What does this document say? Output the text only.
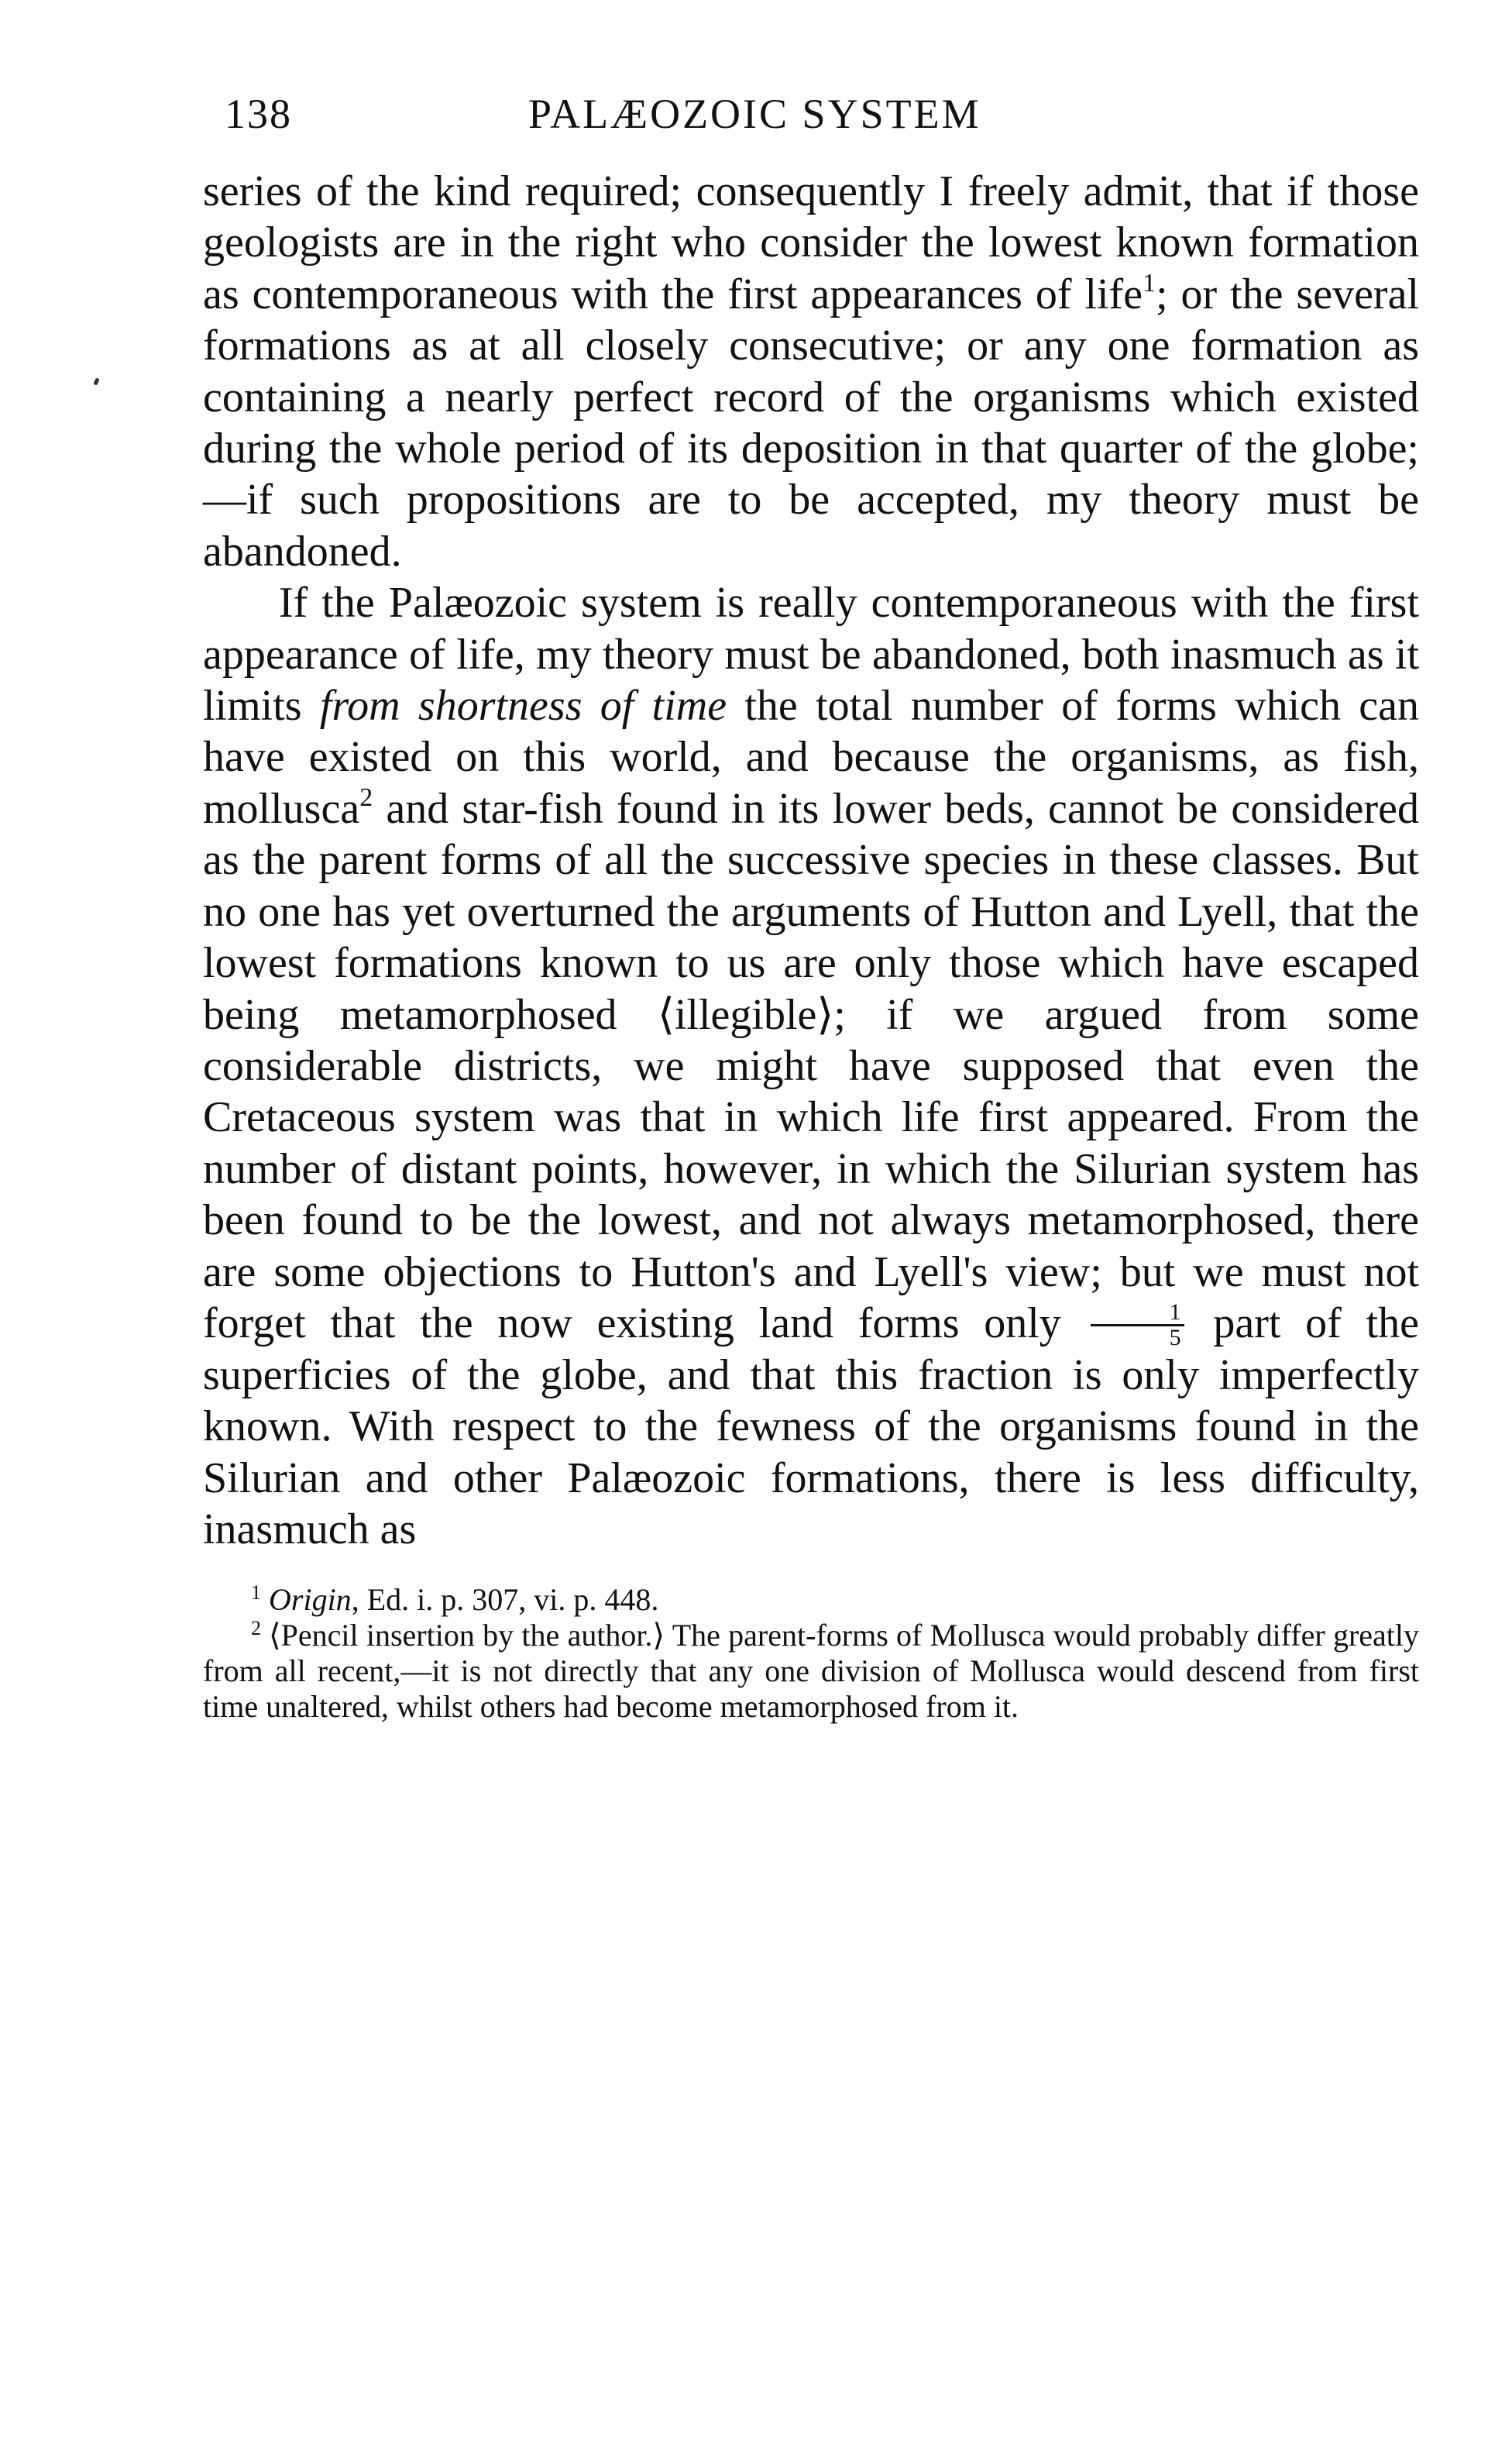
138	PALÆOZOIC SYSTEM

series of the kind required; consequently I freely admit, that if those geologists are in the right who consider the lowest known formation as contemporaneous with the first appearances of life$^1$; or the several formations as at all closely consecutive; or any one formation as containing a nearly perfect record of the organisms which existed during the whole period of its deposition in that quarter of the globe;—if such propositions are to be accepted, my theory must be abandoned.

If the Palæozoic system is really contemporaneous with the first appearance of life, my theory must be abandoned, both inasmuch as it limits from shortness of time the total number of forms which can have existed on this world, and because the organisms, as fish, mollusca$^2$ and star-fish found in its lower beds, cannot be considered as the parent forms of all the successive species in these classes. But no one has yet overturned the arguments of Hutton and Lyell, that the lowest formations known to us are only those which have escaped being metamorphosed ⟨illegible⟩; if we argued from some considerable districts, we might have supposed that even the Cretaceous system was that in which life first appeared. From the number of distant points, however, in which the Silurian system has been found to be the lowest, and not always metamorphosed, there are some objections to Hutton's and Lyell's view; but we must not forget that the now existing land forms only $\frac{1}{5}$ part of the superficies of the globe, and that this fraction is only imperfectly known. With respect to the fewness of the organisms found in the Silurian and other Palæozoic formations, there is less difficulty, inasmuch as

$^1$ Origin, Ed. i. p. 307, vi. p. 448.

$^2$ ⟨Pencil insertion by the author.⟩ The parent-forms of Mollusca would probably differ greatly from all recent,—it is not directly that any one division of Mollusca would descend from first time unaltered, whilst others had become metamorphosed from it.
